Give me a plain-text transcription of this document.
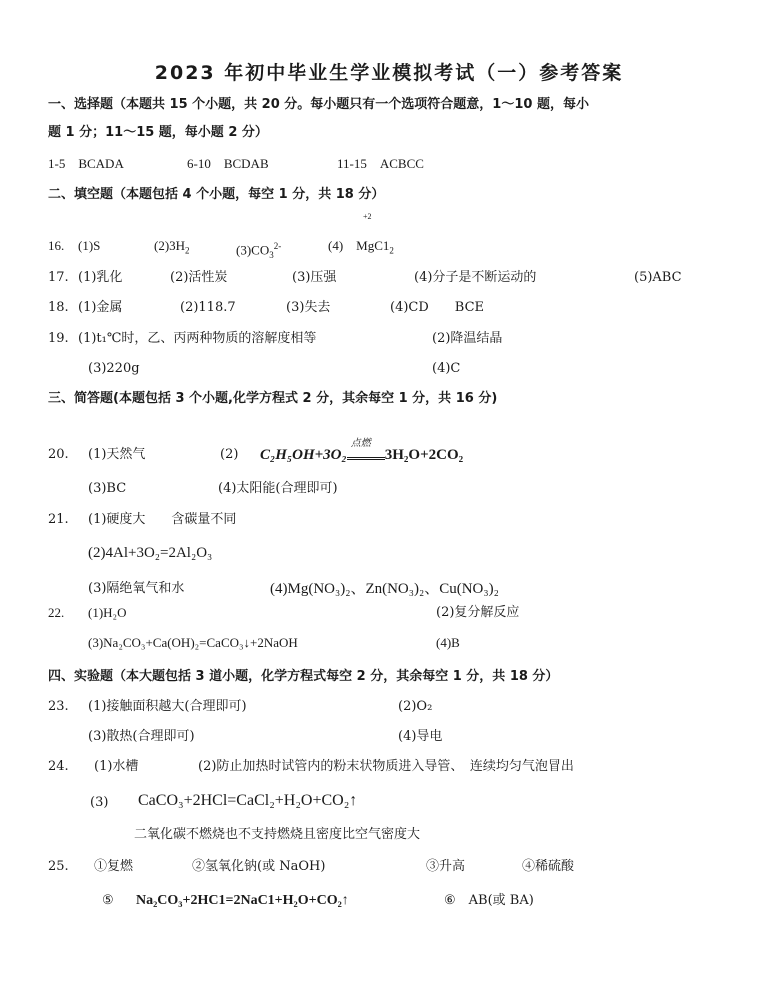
2023 年初中毕业生学业模拟考试（一）参考答案
一、选择题（本题共 15 个小题，共 20 分。每小题只有一个选项符合题意，1～10 题，每小
题 1 分；11～15 题，每小题 2 分）
1-5　BCADA	6-10　BCDAB	11-15　ACBCC
二、填空题（本题包括 4 个小题，每空 1 分，共 18 分）
+2
16. (1)S	$(2)3H_2$	$(3)CO_3^{2-}$	(4)　$MgC1_2$
17. (1)乳化	(2)活性炭	(3)压强	(4)分子是不断运动的	(5)ABC
18. (1)金属	(2)118.7	(3)失去	(4)CD　　BCE
19. (1)t₁℃时，乙、丙两种物质的溶解度相等	(2)降温结晶
(3)220g	(4)C
三、简答题(本题包括 3 个小题,化学方程式 2 分，其余每空 1 分，共 16 分)
20. (1)天然气	(2) C₂H₅OH+3O₂
点燃
3H₂O+2CO₂
(3)BC	(4)太阳能(合理即可)
21. (1)硬度大　　含碳量不同
(2)4Al+3O₂=2Al₂O₃
(3)隔绝氧气和水	(4)Mg(NO₃)₂、Zn(NO₃)₂、Cu(NO₃)₂
22. (1)H₂O	(2)复分解反应
(3)Na₂CO₃+Ca(OH)₂=CaCO₃↓+2NaOH	(4)B
四、实验题（本大题包括 3 道小题，化学方程式每空 2 分，其余每空 1 分，共 18 分）
23. (1)接触面积越大(合理即可)	(2)O₂
(3)散热(合理即可)	(4)导电
24. (1)水槽	(2)防止加热时试管内的粉末状物质进入导管、　连续均匀气泡冒出
(3) CaCO₃+2HCl=CaCl₂+H₂O+CO₂↑
二氧化碳不燃烧也不支持燃烧且密度比空气密度大
25. ①复燃	②氢氧化钠(或 NaOH)	③升高	④稀硫酸
⑤ Na₂CO₃+2HC1=2NaC1+H₂O+CO₂↑	⑥　AB(或 BA)
